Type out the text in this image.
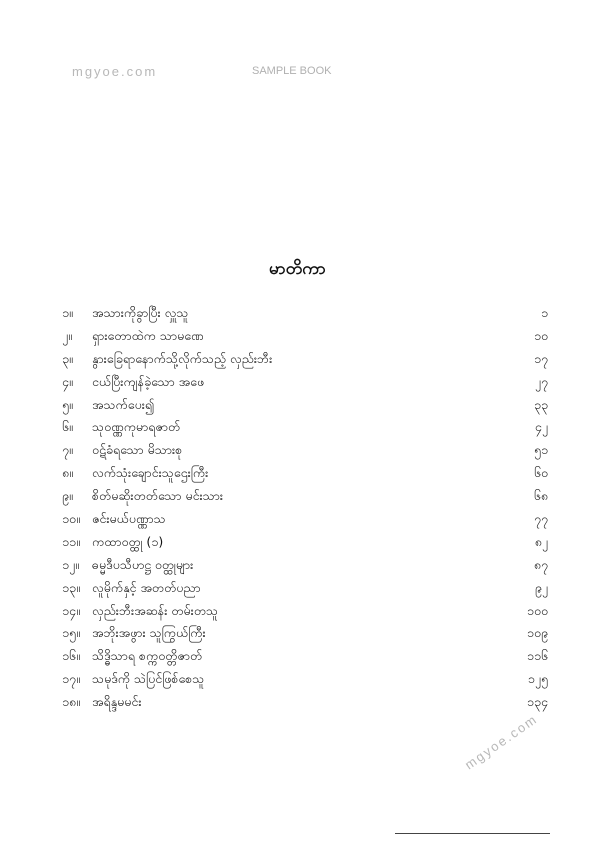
mgyoe.com	SAMPLE BOOK
မာတိကာ
၁။	အသားကိုခွာပြီး လှူသူ	၁
၂။	ရှားတောထဲက သာမဏေ	၁၀
၃။	နွားခြေရာနောက်သို့လိုက်သည့် လှည်းဘီး	၁၇
၄။	ငယ်ပြီးကျန်ခဲ့သော အဖေ	၂၇
၅။	အသက်ပေး၍	၃၃
၆။	သုဝဏ္ဏကုမာရဇာတ်	၄၂
၇။	ဝဋ်ခံရသော မိသားစု	၅၁
၈။	လက်သုံးချောင်းသူဌေးကြီး	၆၀
၉။	စိတ်မဆိုးတတ်သော မင်းသား	၆၈
၁၀။ ဇင်းမယ်ပဏ္ဏာသ	၇၇
၁၁။ ကထာဝတ္ထု (၁)	၈၂
၁၂။	ဓမ္မဒီပသီဟဋ္ဌ ဝတ္ထုများ	၈၇
၁၃။ လူမိုက်နှင့် အတတ်ပညာ	၉၂
၁၄။ လှည်းဘီးအဆန်း တမ်းတသူ	၁၀၀
၁၅။ အဘိုးအဖွား သူကြွယ်ကြီး	၁၀၉
၁၆။ သိဒ္ဓိသာရ စက္ကဝတ္တိဇာတ်	၁၁၆
၁၇။ သမုဒ်ကို သဲပြင်ဖြစ်စေသူ	၁၂၅
၁၈။ အရိန္ဒမမင်း	၁၃၄
mgyoe.com
